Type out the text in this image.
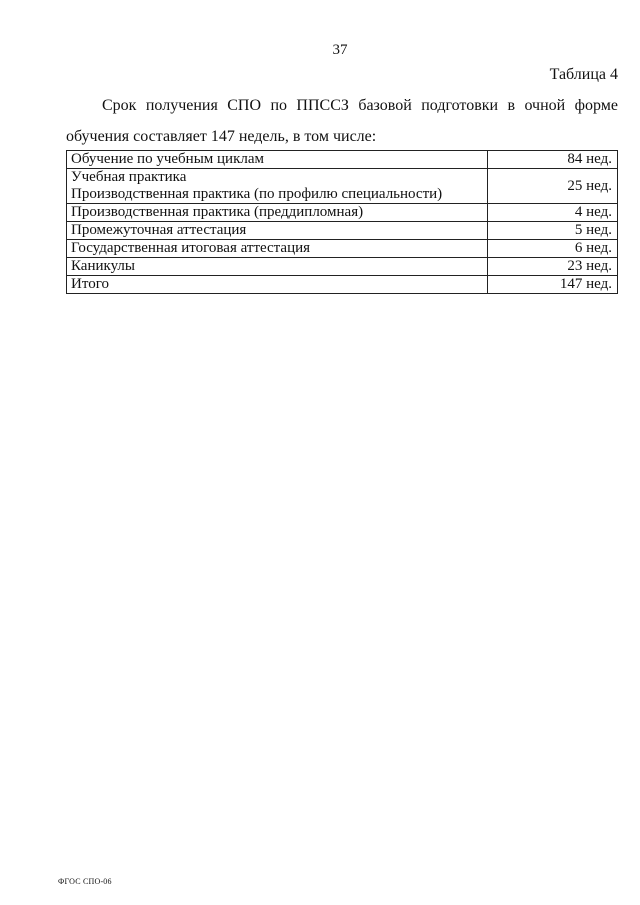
37
Таблица 4
Срок получения СПО по ППССЗ базовой подготовки в очной форме обучения составляет 147 недель, в том числе:
Обучение по учебным циклам	84 нед.

Учебная практика
Производственная практика (по профилю специальности)	25 нед.
Производственная практика (преддипломная)	4 нед.
Промежуточная аттестация	5 нед.
Государственная итоговая аттестация	6 нед.
Каникулы	23 нед.
Итого	147 нед.
ФГОС СПО-06
